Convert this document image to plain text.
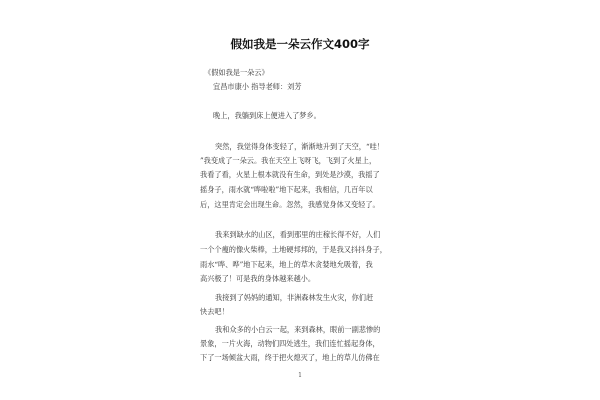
假如我是一朵云作文400字
《假如我是一朵云》
宜昌市康小 指导老师：刘芳
晚上，我躺到床上便进入了梦乡。
突然，我觉得身体变轻了，渐渐地升到了天空，“哇！
”我变成了一朵云。我在天空上飞呀飞，飞到了火星上，
我看了看，火星上根本就没有生命，到处是沙漠，我摇了
摇身子，雨水就“哗啦啦”地下起来，我相信，几百年以
后，这里肯定会出现生命。忽然，我感觉身体又变轻了。
我来到缺水的山区，看到那里的庄稼长得不好，人们
一个个瘦的像火柴棒，土地硬邦邦的，于是我又抖抖身子，
雨水“哗、哗”地下起来，地上的草木贪婪地允吸着，我
高兴极了！可是我的身体越来越小。
我接到了妈妈的通知，非洲森林发生火灾，你们赶
快去吧！
我和众多的小白云一起，来到森林，眼前一副悲惨的
景象，一片火海，动物们四处逃生，我们连忙摇起身体，
下了一场倾盆大雨，终于把火熄灭了，地上的草儿仿佛在
1
